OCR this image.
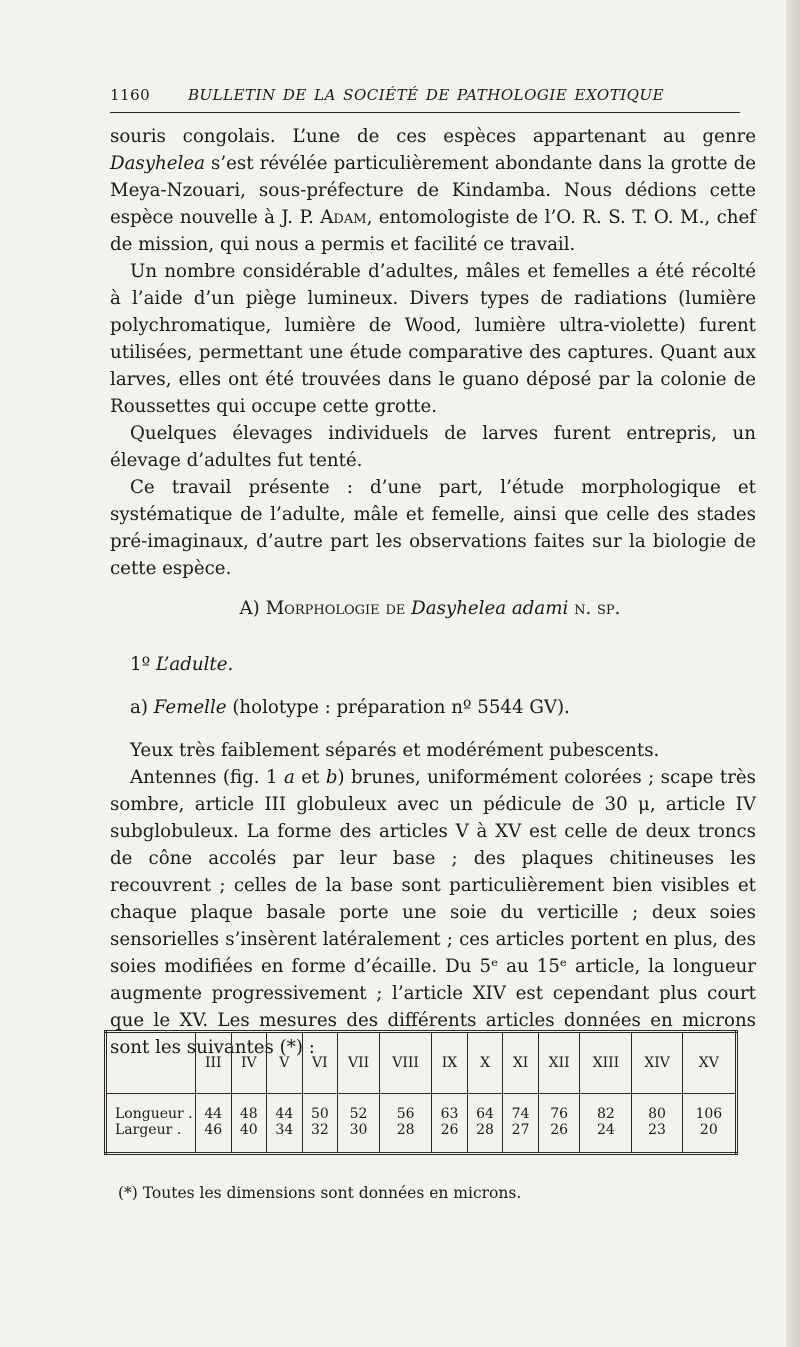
1160	BULLETIN DE LA SOCIÉTÉ DE PATHOLOGIE EXOTIQUE

souris congolais. L’une de ces espèces appartenant au genre Dasyhelea s’est révélée particulièrement abondante dans la grotte de Meya-Nzouari, sous-préfecture de Kindamba. Nous dédions cette espèce nouvelle à J. P. Adam, entomologiste de l’O. R. S. T. O. M., chef de mission, qui nous a permis et facilité ce travail.

Un nombre considérable d’adultes, mâles et femelles a été récolté à l’aide d’un piège lumineux. Divers types de radiations (lumière polychromatique, lumière de Wood, lumière ultra-violette) furent utilisées, permettant une étude comparative des captures. Quant aux larves, elles ont été trouvées dans le guano déposé par la colonie de Roussettes qui occupe cette grotte.

Quelques élevages individuels de larves furent entrepris, un élevage d’adultes fut tenté.

Ce travail présente : d’une part, l’étude morphologique et systématique de l’adulte, mâle et femelle, ainsi que celle des stades pré-imaginaux, d’autre part les observations faites sur la biologie de cette espèce.

A) Morphologie de Dasyhelea adami n. sp.
1º L’adulte.
a) Femelle (holotype : préparation nº 5544 GV).

Yeux très faiblement séparés et modérément pubescents.

Antennes (fig. 1 a et b) brunes, uniformément colorées ; scape très sombre, article III globuleux avec un pédicule de 30 μ, article IV subglobuleux. La forme des articles V à XV est celle de deux troncs de cône accolés par leur base ; des plaques chitineuses les recouvrent ; celles de la base sont particulièrement bien visibles et chaque plaque basale porte une soie du verticille ; deux soies sensorielles s’insèrent latéralement ; ces articles portent en plus, des soies modifiées en forme d’écaille. Du 5ᵉ au 15ᵉ article, la longueur augmente progressivement ; l’article XIV est cependant plus court que le XV. Les mesures des différents articles données en microns sont les suivantes (*) :

	III	IV	V	VI	VII	VIII	IX	X	XI	XII	XIII	XIV	XV
Longueur .	44	48	44	50	52	56	63	64	74	76	82	80	106
Largeur .	46	40	34	32	30	28	26	28	27	26	24	23	20
(*) Toutes les dimensions sont données en microns.
